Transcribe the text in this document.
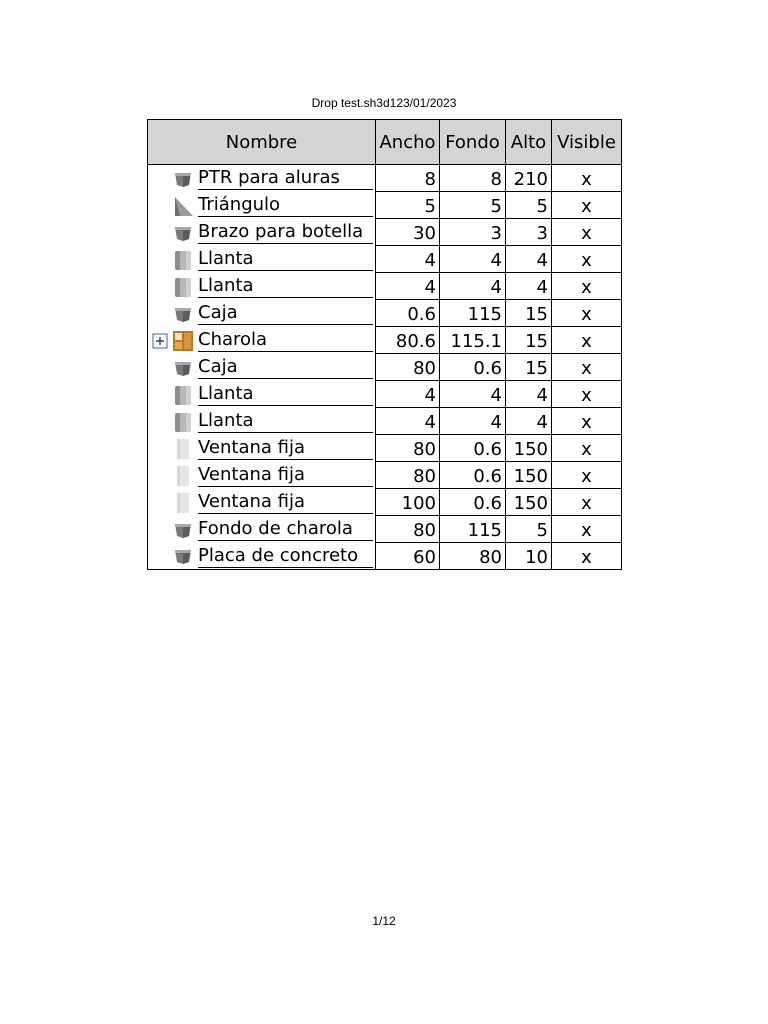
Drop test.sh3d123/01/2023
Nombre	Ancho	Fondo	Alto	Visible

PTR para aluras	8	8	210	x

Triángulo	5	5	5	x

Brazo para botella	30	3	3	x

Llanta	4	4	4	x

Llanta	4	4	4	x

Caja	0.6	115	15	x

Charola	80.6	115.1	15	x

Caja	80	0.6	15	x

Llanta	4	4	4	x

Llanta	4	4	4	x

Ventana fija	80	0.6	150	x

Ventana fija	80	0.6	150	x

Ventana fija	100	0.6	150	x

Fondo de charola	80	115	5	x

Placa de concreto	60	80	10	x
1/12
